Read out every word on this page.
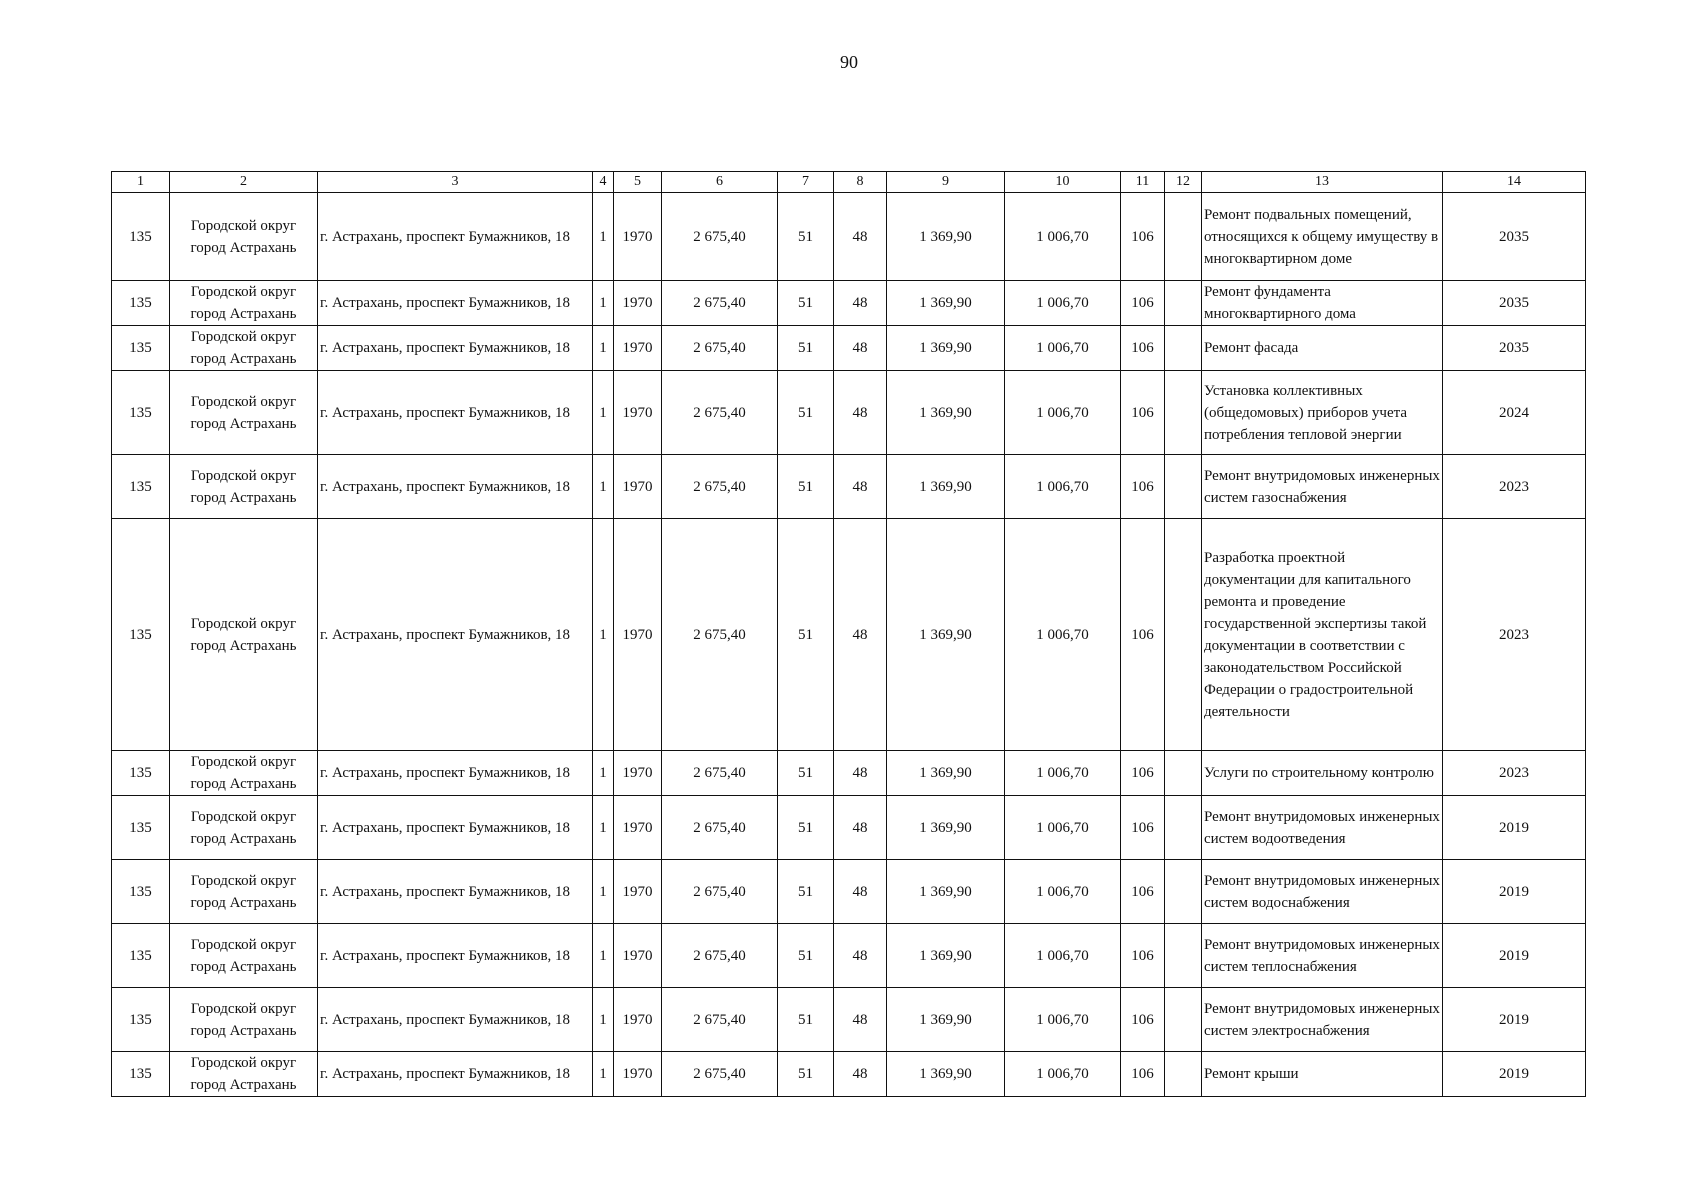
90
1	2	3	4	5	6	7	8	9	10	11	12	13	14
135	Городской округ город Астрахань	г. Астрахань, проспект Бумажников, 18	1	1970	2 675,40	51	48	1 369,90	1 006,70	106		Ремонт подвальных помещений, относящихся к общему имуществу в многоквартирном доме	2035
135	Городской округ город Астрахань	г. Астрахань, проспект Бумажников, 18	1	1970	2 675,40	51	48	1 369,90	1 006,70	106		Ремонт фундамента многоквартирного дома	2035
135	Городской округ город Астрахань	г. Астрахань, проспект Бумажников, 18	1	1970	2 675,40	51	48	1 369,90	1 006,70	106		Ремонт фасада	2035
135	Городской округ город Астрахань	г. Астрахань, проспект Бумажников, 18	1	1970	2 675,40	51	48	1 369,90	1 006,70	106		Установка коллективных (общедомовых) приборов учета потребления тепловой энергии	2024
135	Городской округ город Астрахань	г. Астрахань, проспект Бумажников, 18	1	1970	2 675,40	51	48	1 369,90	1 006,70	106		Ремонт внутридомовых инженерных систем газоснабжения	2023
135	Городской округ город Астрахань	г. Астрахань, проспект Бумажников, 18	1	1970	2 675,40	51	48	1 369,90	1 006,70	106		Разработка проектной документации для капитального ремонта и проведение государственной экспертизы такой документации в соответствии с законодательством Российской Федерации о градостроительной деятельности	2023
135	Городской округ город Астрахань	г. Астрахань, проспект Бумажников, 18	1	1970	2 675,40	51	48	1 369,90	1 006,70	106		Услуги по строительному контролю	2023
135	Городской округ город Астрахань	г. Астрахань, проспект Бумажников, 18	1	1970	2 675,40	51	48	1 369,90	1 006,70	106		Ремонт внутридомовых инженерных систем водоотведения	2019
135	Городской округ город Астрахань	г. Астрахань, проспект Бумажников, 18	1	1970	2 675,40	51	48	1 369,90	1 006,70	106		Ремонт внутридомовых инженерных систем водоснабжения	2019
135	Городской округ город Астрахань	г. Астрахань, проспект Бумажников, 18	1	1970	2 675,40	51	48	1 369,90	1 006,70	106		Ремонт внутридомовых инженерных систем теплоснабжения	2019
135	Городской округ город Астрахань	г. Астрахань, проспект Бумажников, 18	1	1970	2 675,40	51	48	1 369,90	1 006,70	106		Ремонт внутридомовых инженерных систем электроснабжения	2019
135	Городской округ город Астрахань	г. Астрахань, проспект Бумажников, 18	1	1970	2 675,40	51	48	1 369,90	1 006,70	106		Ремонт крыши	2019
